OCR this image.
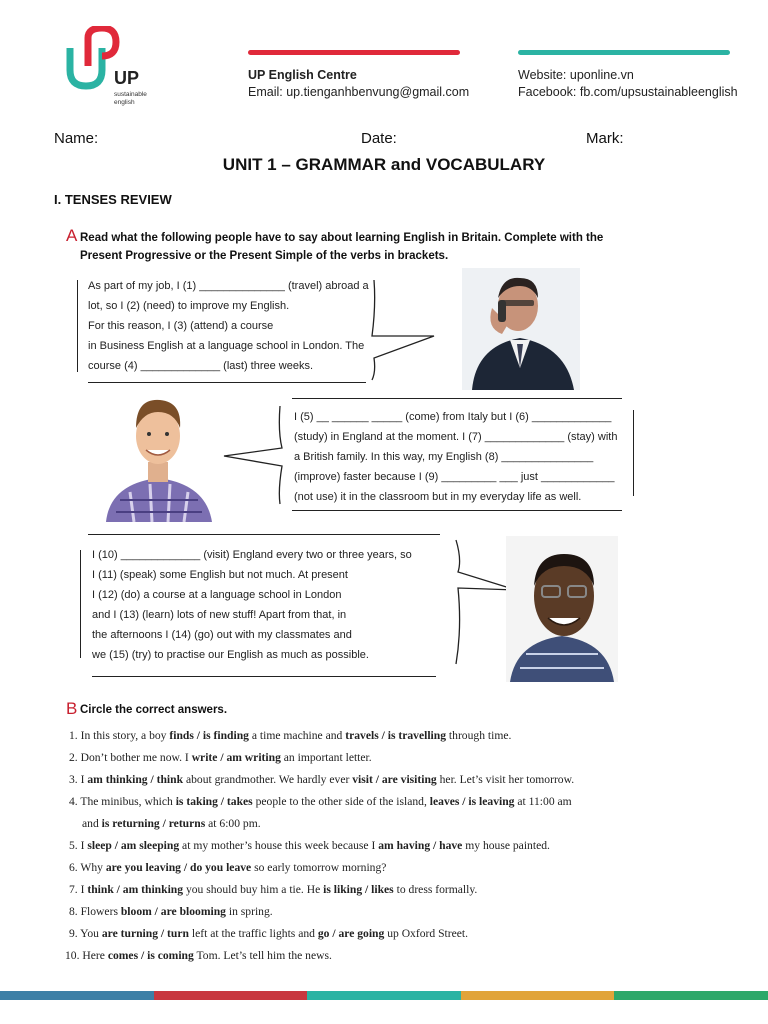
UP
sustainable
english
UP English Centre
Email: up.tienganhbenvung@gmail.com
Website: uponline.vn
Facebook: fb.com/upsustainableenglish
Name:	Date:	Mark:
UNIT 1 – GRAMMAR and VOCABULARY
I. TENSES REVIEW
A Read what the following people have to say about learning English in Britain. Complete with the
Present Progressive or the Present Simple of the verbs in brackets.
As part of my job, I (1) ______________ (travel) abroad a
lot, so I (2) (need) to improve my English.
For this reason, I (3) (attend) a course
in Business English at a language school in London. The
course (4) _____________ (last) three weeks.
I (5) __ ______ _____ (come) from Italy but I (6) _____________
(study) in England at the moment. I (7) _____________ (stay) with
a British family. In this way, my English (8) _______________
(improve) faster because I (9) _________ ___ just ____________
(not use) it in the classroom but in my everyday life as well.
I (10) _____________ (visit) England every two or three years, so
I (11) (speak) some English but not much. At present
I (12) (do) a course at a language school in London
and I (13) (learn) lots of new stuff! Apart from that, in
the afternoons I (14) (go) out with my classmates and
we (15) (try) to practise our English as much as possible.
B Circle the correct answers.
1. In this story, a boy finds / is finding a time machine and travels / is travelling through time.
2. Don’t bother me now. I write / am writing an important letter.
3. I am thinking / think about grandmother. We hardly ever visit / are visiting her. Let’s visit her tomorrow.
4. The minibus, which is taking / takes people to the other side of the island, leaves / is leaving at 11:00 am
and is returning / returns at 6:00 pm.
5. I sleep / am sleeping at my mother’s house this week because I am having / have my house painted.
6. Why are you leaving / do you leave so early tomorrow morning?
7. I think / am thinking you should buy him a tie. He is liking / likes to dress formally.
8. Flowers bloom / are blooming in spring.
9. You are turning / turn left at the traffic lights and go / are going up Oxford Street.
10. Here comes / is coming Tom. Let’s tell him the news.
